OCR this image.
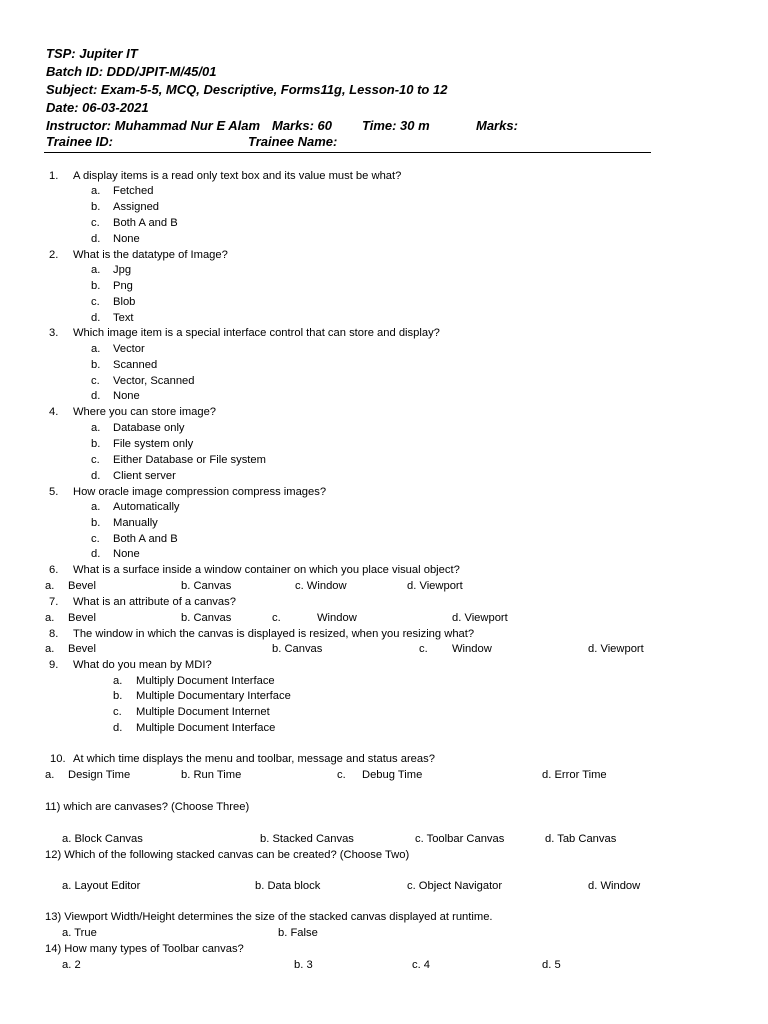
TSP: Jupiter IT
Batch ID: DDD/JPIT-M/45/01
Subject: Exam-5-5, MCQ, Descriptive, Forms11g, Lesson-10 to 12
Date: 06-03-2021
Instructor: Muhammad Nur E Alam Marks: 60 Time: 30 m	Marks:
Trainee ID:	Trainee Name:
1. A display items is a read only text box and its value must be what?
a. Fetched
b. Assigned
c. Both A and B
d. None
2. What is the datatype of Image?
a. Jpg
b. Png
c. Blob
d. Text
3. Which image item is a special interface control that can store and display?
a. Vector
b. Scanned
c. Vector, Scanned
d. None
4. Where you can store image?
a. Database only
b. File system only
c. Either Database or File system
d. Client server
5. How oracle image compression compress images?
a. Automatically
b. Manually
c. Both A and B
d. None
6. What is a surface inside a window container on which you place visual object?
a. Bevel	b. Canvas	c. Window	d. Viewport
7. What is an attribute of a canvas?
a. Bevel	b. Canvas	c.	Window	d. Viewport
8. The window in which the canvas is displayed is resized, when you resizing what?
a. Bevel	b. Canvas	c. Window	d. Viewport
9. What do you mean by MDI?
a. Multiply Document Interface
b. Multiple Documentary Interface
c. Multiple Document Internet
d. Multiple Document Interface
10. At which time displays the menu and toolbar, message and status areas?
a. Design Time	b. Run Time	c. Debug Time	d. Error Time
11) which are canvases? (Choose Three)
a. Block Canvas	b. Stacked Canvas	c. Toolbar Canvas	d. Tab Canvas
12) Which of the following stacked canvas can be created? (Choose Two)
a. Layout Editor	b. Data block	c. Object Navigator	d. Window
13) Viewport Width/Height determines the size of the stacked canvas displayed at runtime.
a. True	b. False
14) How many types of Toolbar canvas?
a. 2	b. 3	c. 4	d. 5
